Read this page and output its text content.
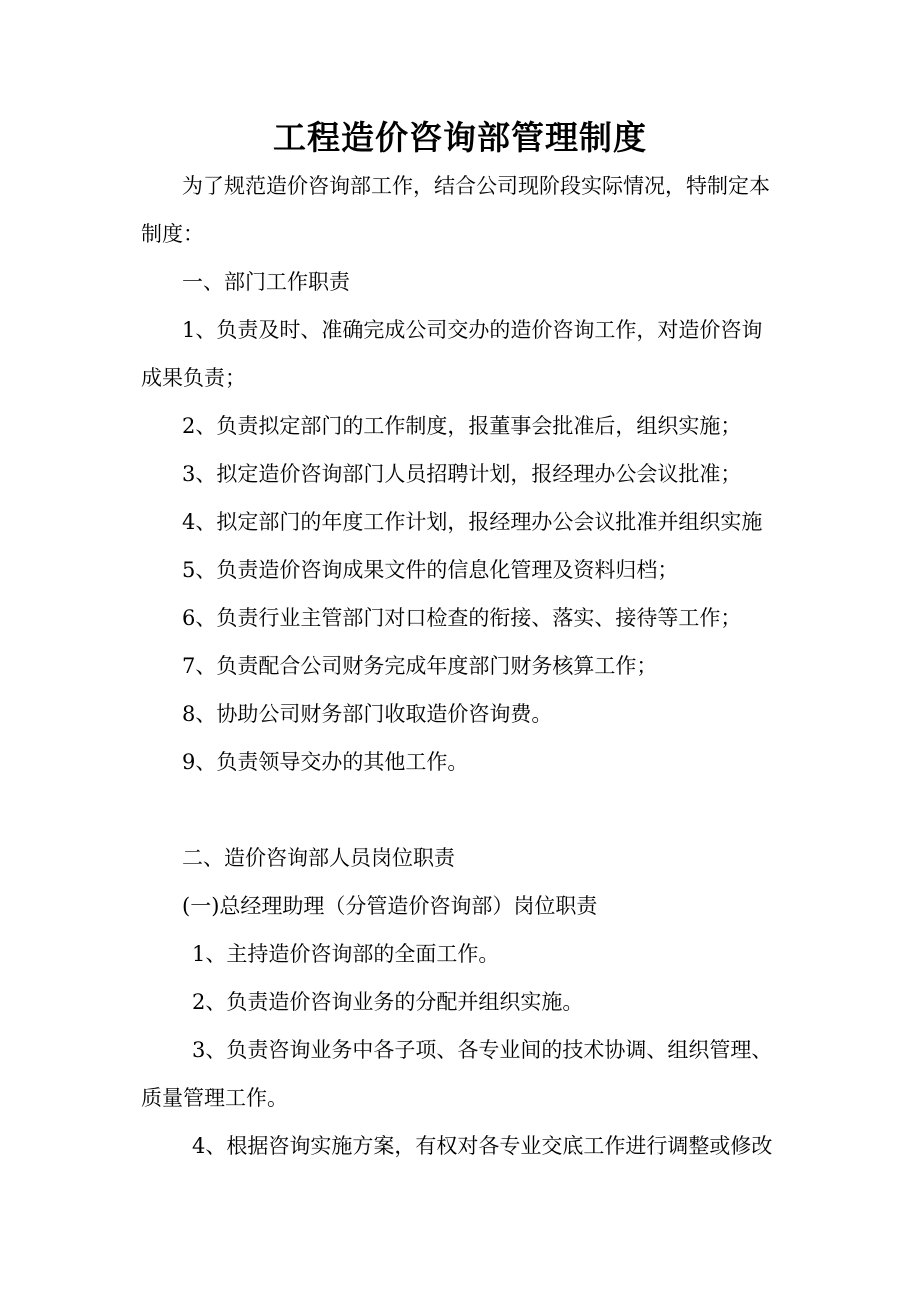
工程造价咨询部管理制度
为了规范造价咨询部工作，结合公司现阶段实际情况，特制定本
制度：
一、部门工作职责
1、负责及时、准确完成公司交办的造价咨询工作，对造价咨询
成果负责；
2、负责拟定部门的工作制度，报董事会批准后，组织实施；
3、拟定造价咨询部门人员招聘计划，报经理办公会议批准；
4、拟定部门的年度工作计划，报经理办公会议批准并组织实施
5、负责造价咨询成果文件的信息化管理及资料归档；
6、负责行业主管部门对口检查的衔接、落实、接待等工作；
7、负责配合公司财务完成年度部门财务核算工作；
8、协助公司财务部门收取造价咨询费。
9、负责领导交办的其他工作。
二、造价咨询部人员岗位职责
(一)总经理助理（分管造价咨询部）岗位职责
1、主持造价咨询部的全面工作。
2、负责造价咨询业务的分配并组织实施。
3、负责咨询业务中各子项、各专业间的技术协调、组织管理、
质量管理工作。
4、根据咨询实施方案，有权对各专业交底工作进行调整或修改
